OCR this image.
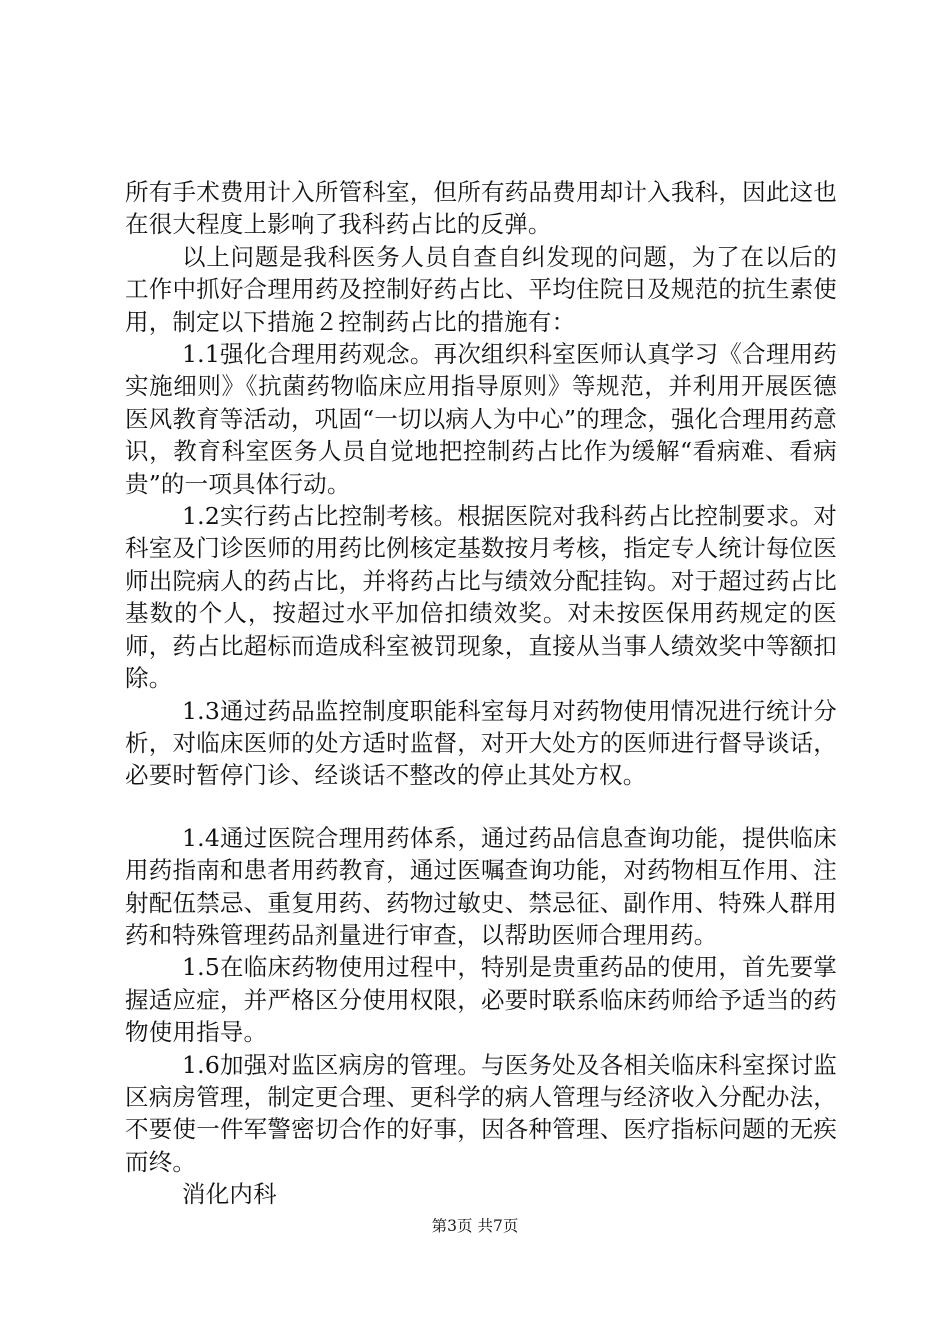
所有手术费用计入所管科室，但所有药品费用却计入我科，因此这也在很大程度上影响了我科药占比的反弹。

以上问题是我科医务人员自查自纠发现的问题，为了在以后的工作中抓好合理用药及控制好药占比、平均住院日及规范的抗生素使用，制定以下措施２控制药占比的措施有：

1.1强化合理用药观念。再次组织科室医师认真学习《合理用药实施细则》《抗菌药物临床应用指导原则》等规范，并利用开展医德医风教育等活动，巩固“一切以病人为中心”的理念，强化合理用药意识，教育科室医务人员自觉地把控制药占比作为缓解“看病难、看病贵”的一项具体行动。

1.2实行药占比控制考核。根据医院对我科药占比控制要求。对科室及门诊医师的用药比例核定基数按月考核，指定专人统计每位医师出院病人的药占比，并将药占比与绩效分配挂钩。对于超过药占比基数的个人，按超过水平加倍扣绩效奖。对未按医保用药规定的医师，药占比超标而造成科室被罚现象，直接从当事人绩效奖中等额扣除。

1.3通过药品监控制度职能科室每月对药物使用情况进行统计分析，对临床医师的处方适时监督，对开大处方的医师进行督导谈话，必要时暂停门诊、经谈话不整改的停止其处方权。

1.4通过医院合理用药体系，通过药品信息查询功能，提供临床用药指南和患者用药教育，通过医嘱查询功能，对药物相互作用、注射配伍禁忌、重复用药、药物过敏史、禁忌征、副作用、特殊人群用药和特殊管理药品剂量进行审查，以帮助医师合理用药。

1.5在临床药物使用过程中，特别是贵重药品的使用，首先要掌握适应症，并严格区分使用权限，必要时联系临床药师给予适当的药物使用指导。

1.6加强对监区病房的管理。与医务处及各相关临床科室探讨监区病房管理，制定更合理、更科学的病人管理与经济收入分配办法，不要使一件军警密切合作的好事，因各种管理、医疗指标问题的无疾而终。

消化内科

第3页 共7页
